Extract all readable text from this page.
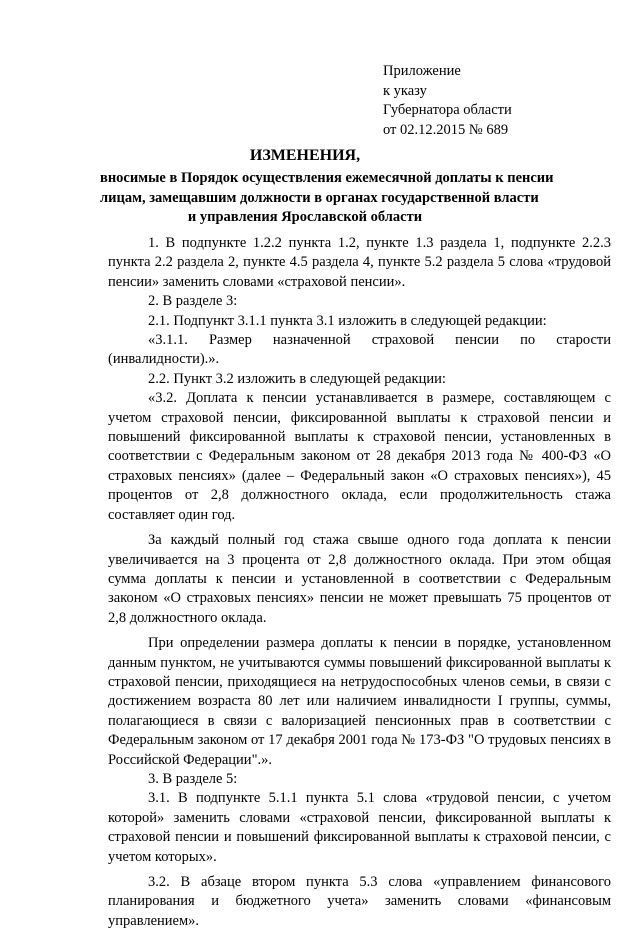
Приложение
к указу
Губернатора области
от 02.12.2015 № 689
ИЗМЕНЕНИЯ,
вносимые в Порядок осуществления ежемесячной доплаты к пенсии
лицам, замещавшим должности в органах государственной власти
и управления Ярославской области

1. В подпункте 1.2.2 пункта 1.2, пункте 1.3 раздела 1, подпункте 2.2.3 пункта 2.2 раздела 2, пункте 4.5 раздела 4, пункте 5.2 раздела 5 слова «трудовой пенсии» заменить словами «страховой пенсии».

2. В разделе 3:

2.1. Подпункт 3.1.1 пункта 3.1 изложить в следующей редакции:

«3.1.1. Размер назначенной страховой пенсии по старости (инвалидности).».

2.2. Пункт 3.2 изложить в следующей редакции:

«3.2. Доплата к пенсии устанавливается в размере, составляющем с учетом страховой пенсии, фиксированной выплаты к страховой пенсии и повышений фиксированной выплаты к страховой пенсии, установленных в соответствии с Федеральным законом от 28 декабря 2013 года № 400-ФЗ «О страховых пенсиях» (далее – Федеральный закон «О страховых пенсиях»), 45 процентов от 2,8 должностного оклада, если продолжительность стажа составляет один год.

За каждый полный год стажа свыше одного года доплата к пенсии увеличивается на 3 процента от 2,8 должностного оклада. При этом общая сумма доплаты к пенсии и установленной в соответствии с Федеральным законом «О страховых пенсиях» пенсии не может превышать 75 процентов от 2,8 должностного оклада.

При определении размера доплаты к пенсии в порядке, установленном данным пунктом, не учитываются суммы повышений фиксированной выплаты к страховой пенсии, приходящиеся на нетрудоспособных членов семьи, в связи с достижением возраста 80 лет или наличием инвалидности I группы, суммы, полагающиеся в связи с валоризацией пенсионных прав в соответствии с Федеральным законом от 17 декабря 2001 года № 173-ФЗ "О трудовых пенсиях в Российской Федерации".».

3. В разделе 5:

3.1. В подпункте 5.1.1 пункта 5.1 слова «трудовой пенсии, с учетом которой» заменить словами «страховой пенсии, фиксированной выплаты к страховой пенсии и повышений фиксированной выплаты к страховой пенсии, с учетом которых».

3.2. В абзаце втором пункта 5.3 слова «управлением финансового планирования и бюджетного учета» заменить словами «финансовым управлением».
